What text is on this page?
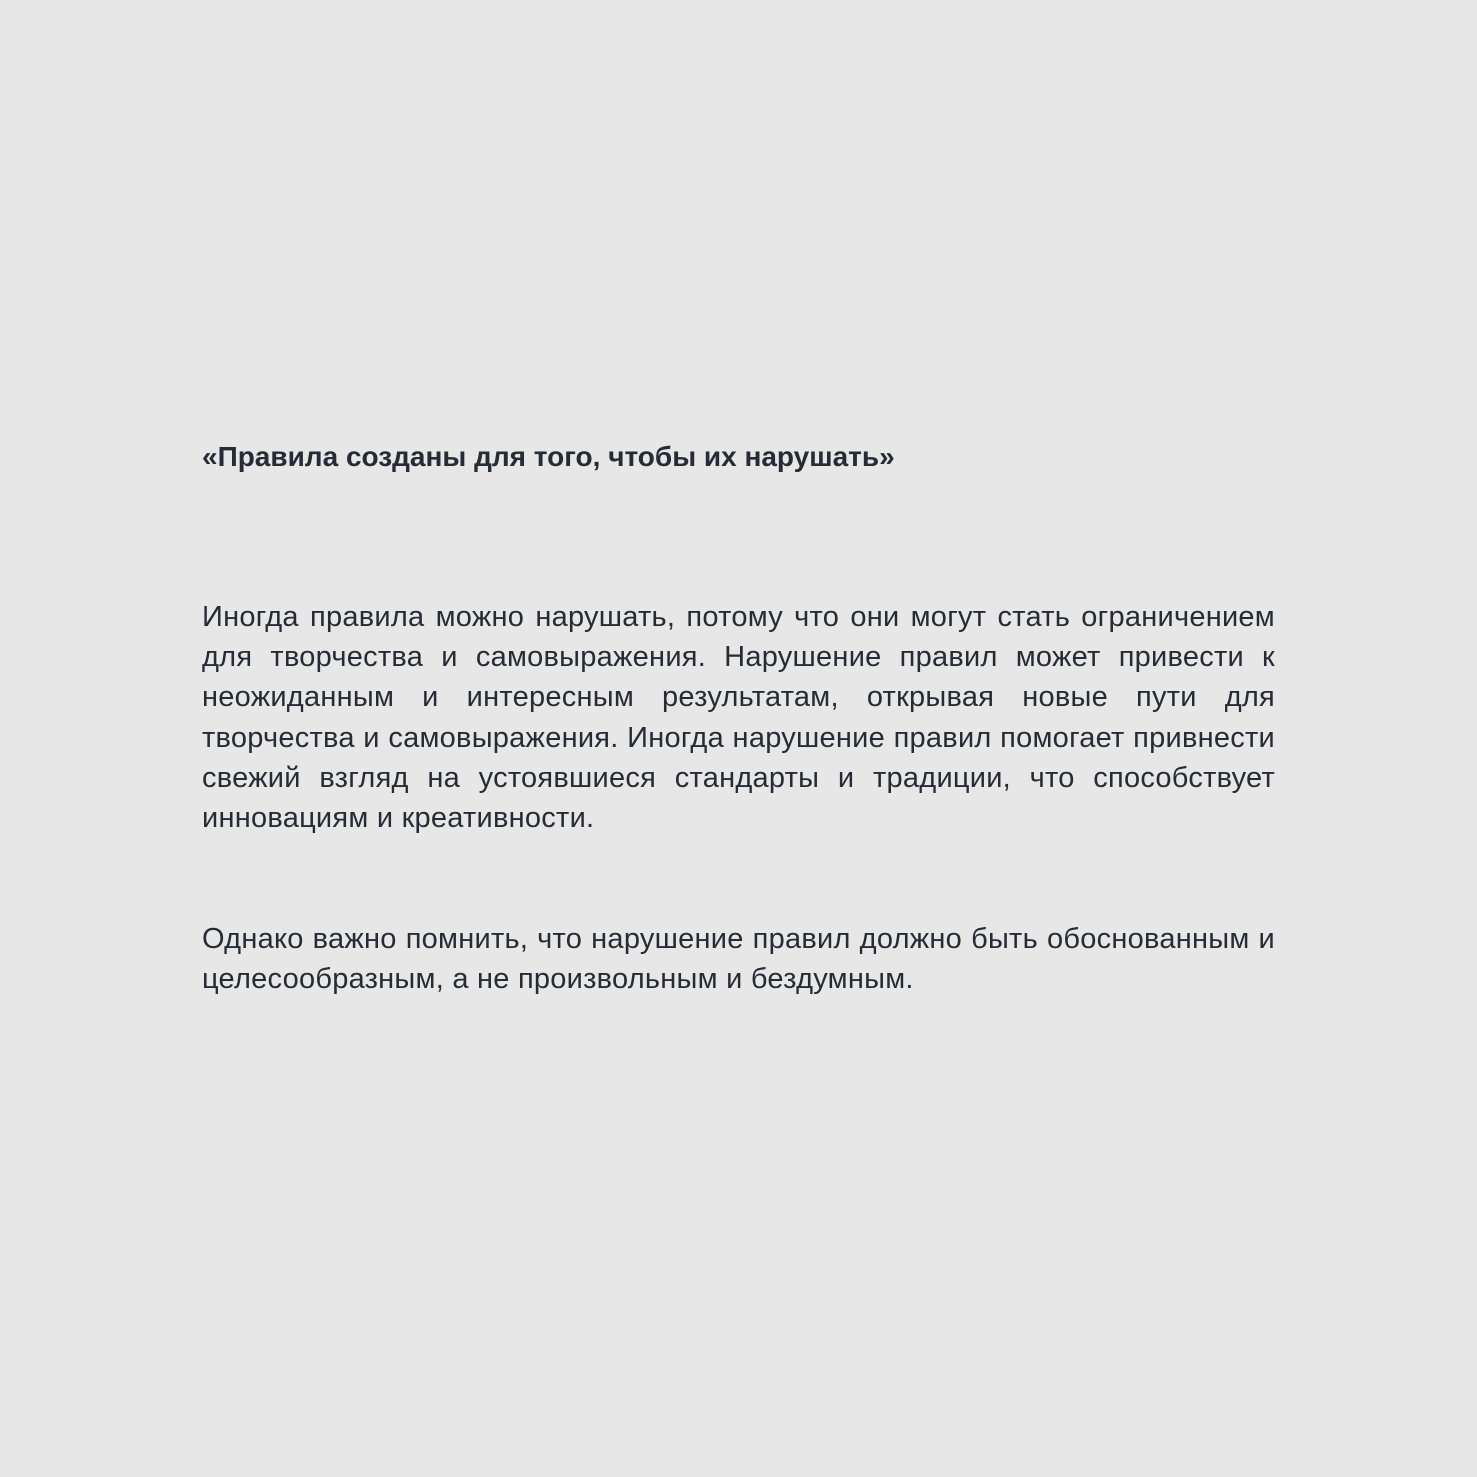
«Правила созданы для того, чтобы их нарушать»

Иногда правила можно нарушать, потому что они могут стать ограничением для творчества и самовыражения. Нарушение правил может привести к неожиданным и интересным результатам, открывая новые пути для творчества и самовыражения. Иногда нарушение правил помогает привнести свежий взгляд на устоявшиеся стандарты и традиции, что способствует инновациям и креативности.

Однако важно помнить, что нарушение правил должно быть обоснованным и целесообразным, а не произвольным и бездумным.
